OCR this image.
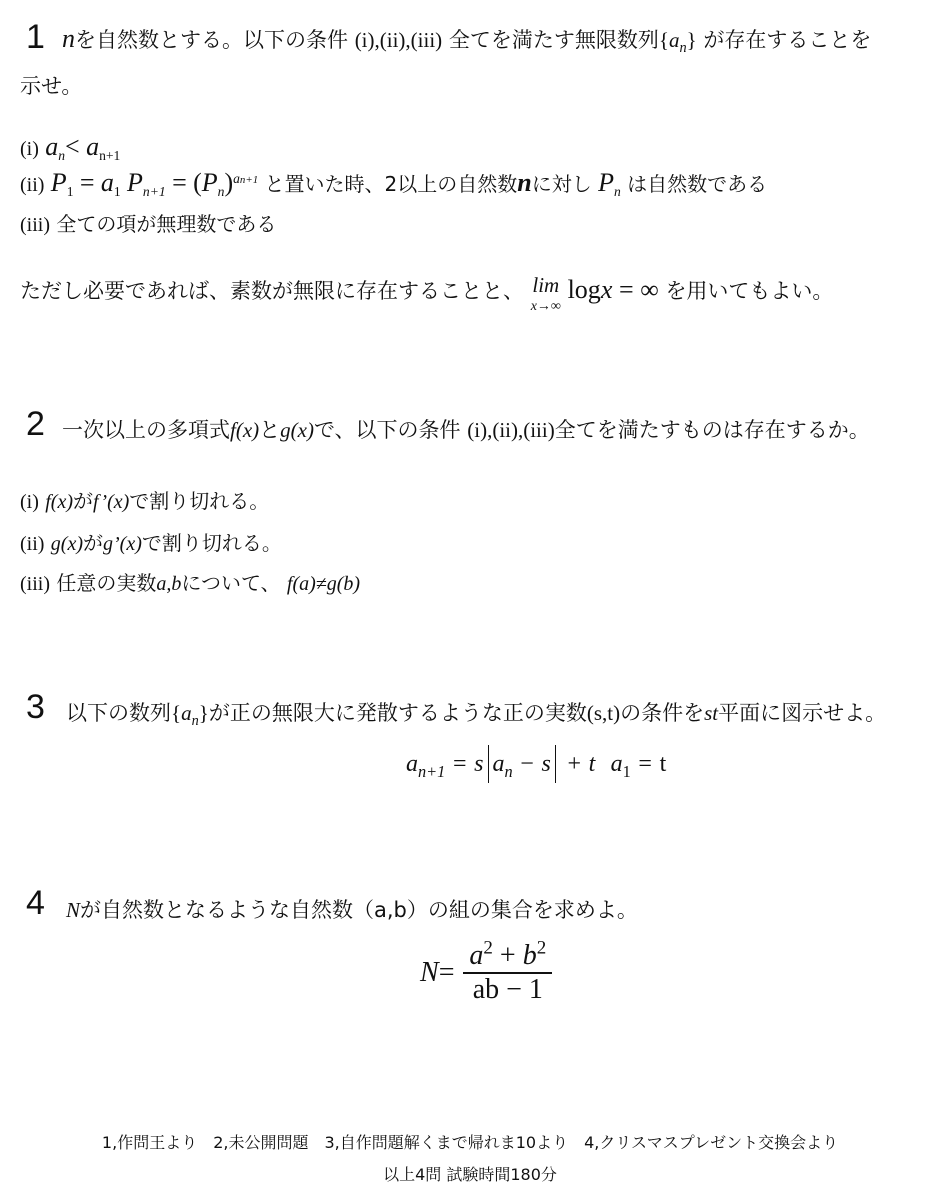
1 nを自然数とする。以下の条件 (i),(ii),(iii) 全てを満たす無限数列$\{a_n\}$ が存在することを
示せ。
(i) $a_n< a_{n+1}$
(ii) $P_1 = a_1$ $P_{n+1} = (P_n)^{an+1}$ と置いた時、2以上の自然数nに対し $P_n$ は自然数である
(iii) 全ての項が無理数である
ただし必要であれば、素数が無限に存在することと、 lim
x→∞
logx = ∞ を用いてもよい。
2 一次以上の多項式f(x)とg(x)で、以下の条件 (i),(ii),(iii)全てを満たすものは存在するか。
(i) f(x)がf’(x)で割り切れる。
(ii) g(x)がg’(x)で割り切れる。
(iii) 任意の実数a,bについて、 f(a)≠g(b)
3 以下の数列$\{a_n\}$が正の無限大に発散するような正の実数(s,t)の条件をst平面に図示せよ。
$a_{n+1} = s$ $a_n - s + t$ $a_1 = t$
4 Nが自然数となるような自然数（a,b）の組の集合を求めよ。
$N= \frac{a^2 + b^2}{ab - 1}$
1,作問王より　2,未公開問題　3,自作問題解くまで帰れま10より　4,クリスマスプレゼント交換会より
以上4問 試験時間180分
